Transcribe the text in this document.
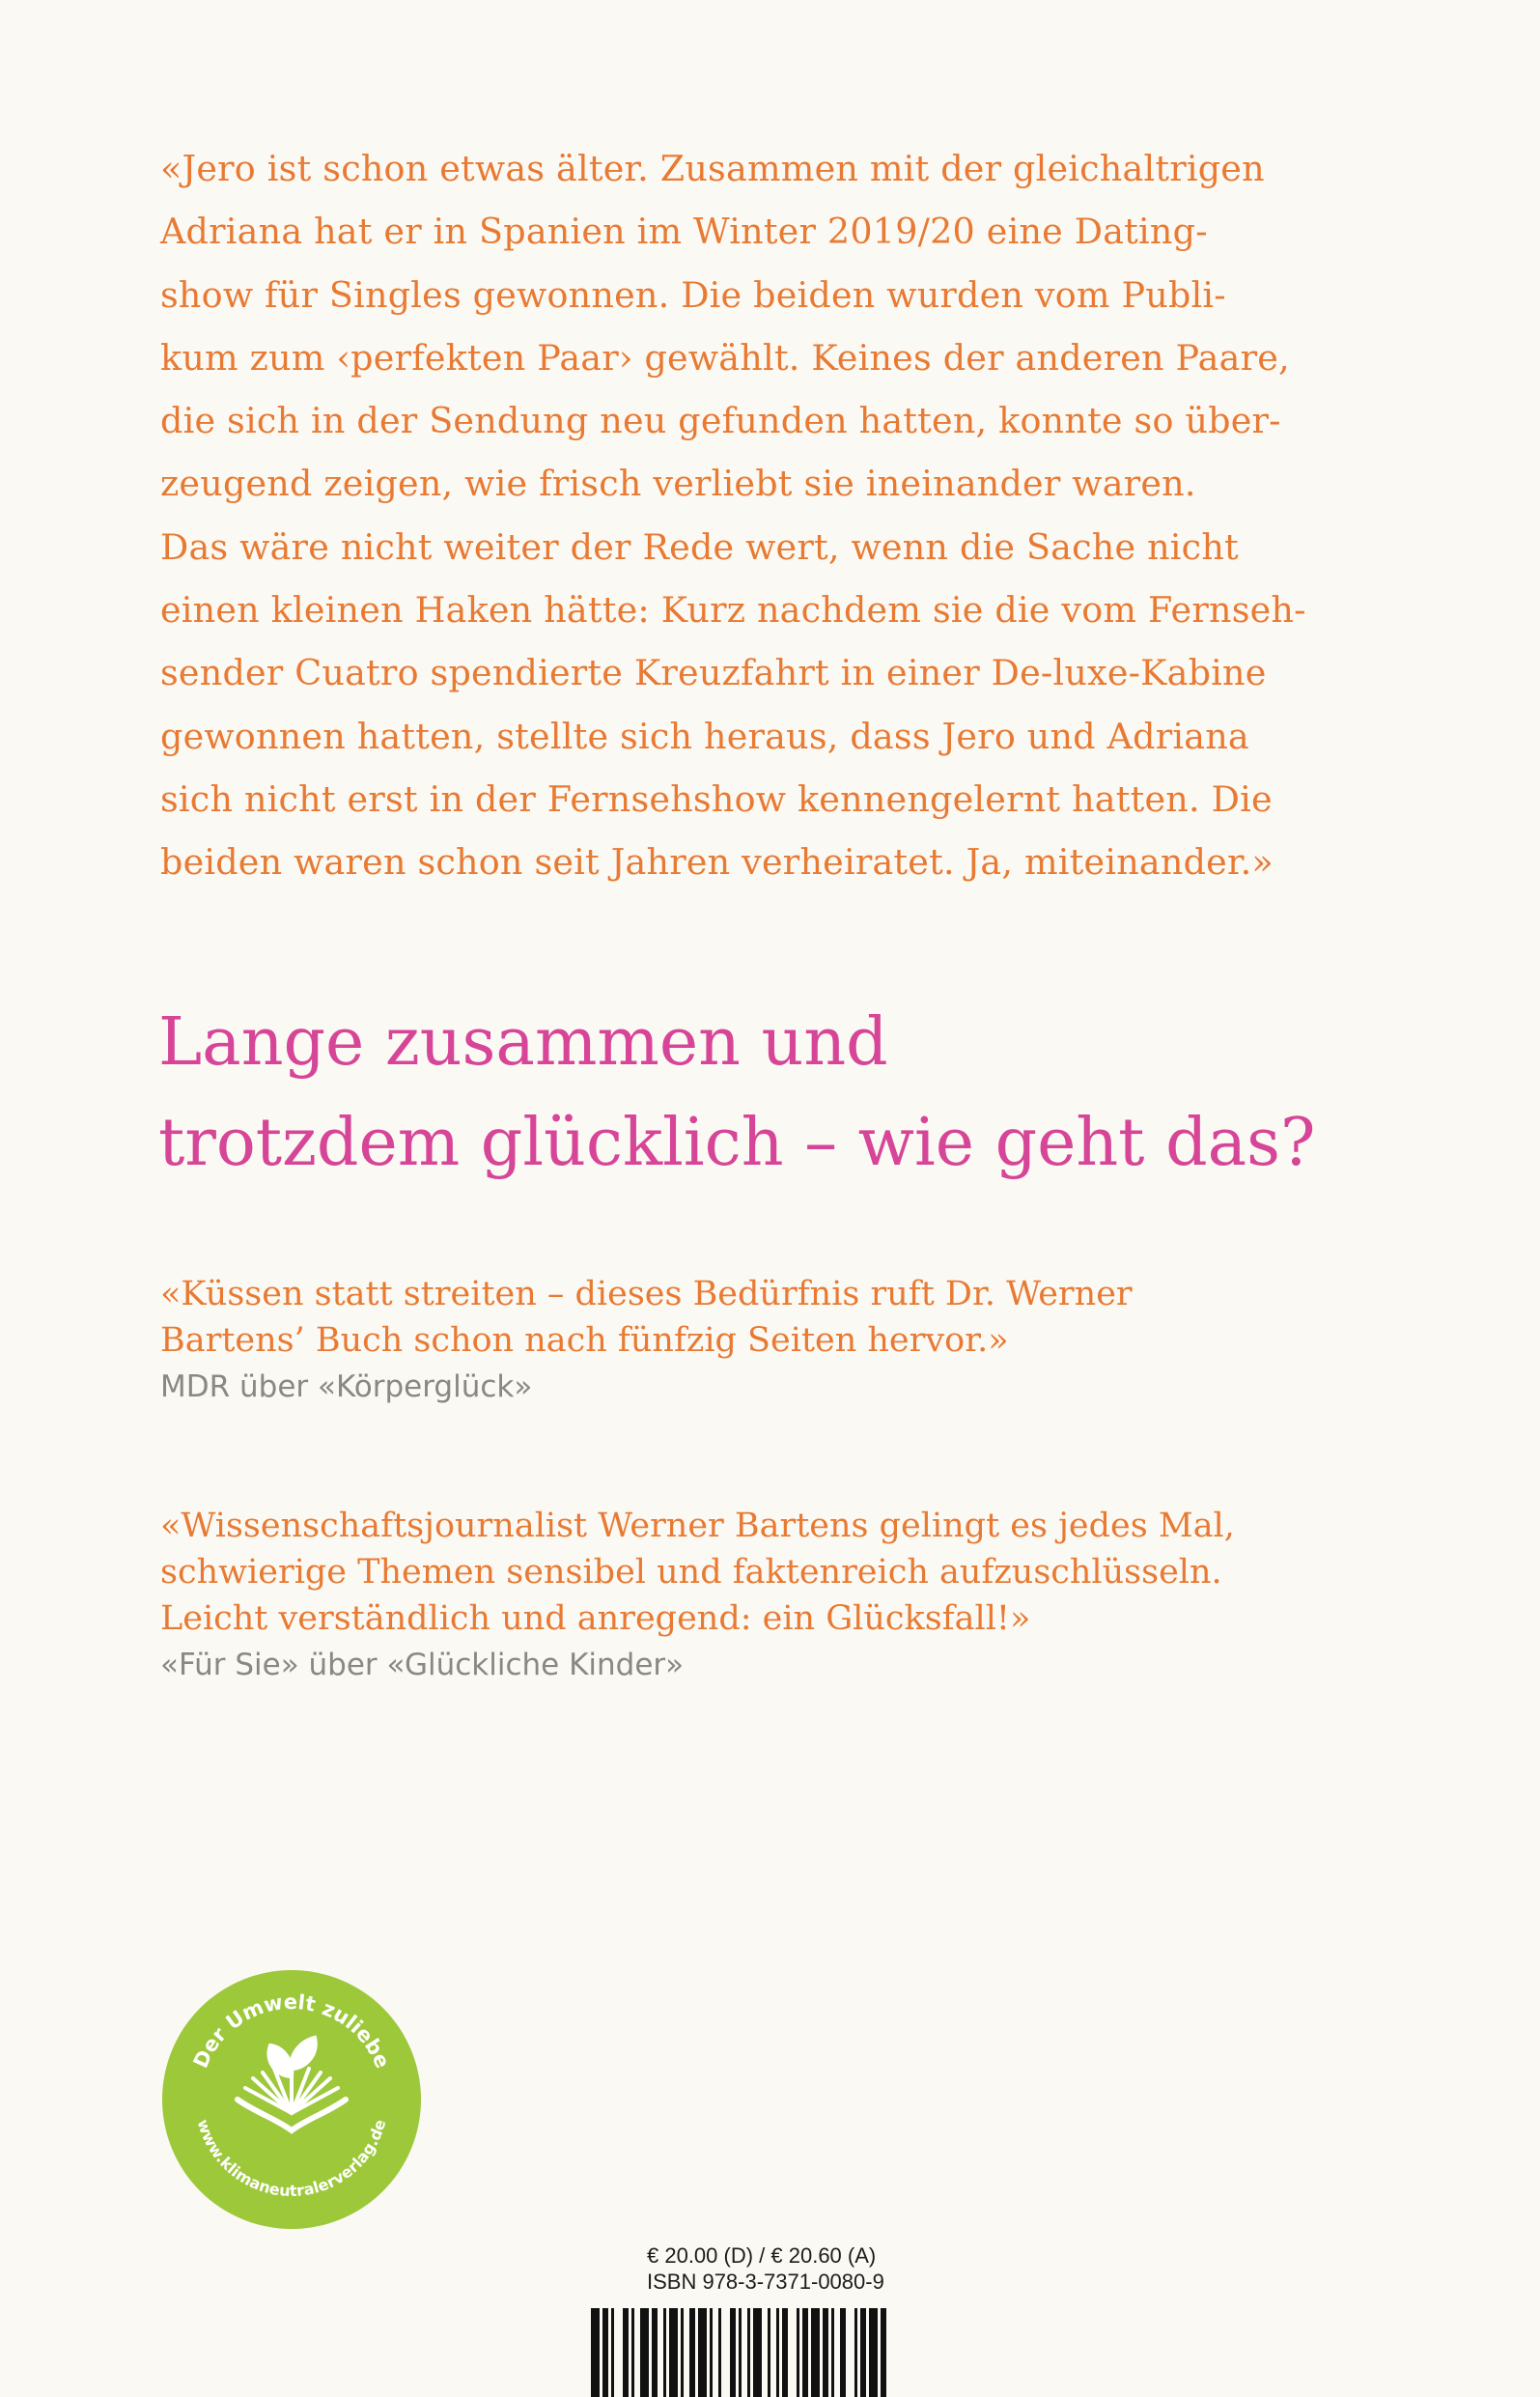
«Jero ist schon etwas älter. Zusammen mit der gleichaltrigen
Adriana hat er in Spanien im Winter 2019/20 eine Dating-
show für Singles gewonnen. Die beiden wurden vom Publi-
kum zum ‹perfekten Paar› gewählt. Keines der anderen Paare,
die sich in der Sendung neu gefunden hatten, konnte so über-
zeugend zeigen, wie frisch verliebt sie ineinander waren.
Das wäre nicht weiter der Rede wert, wenn die Sache nicht
einen kleinen Haken hätte: Kurz nachdem sie die vom Fernseh-
sender Cuatro spendierte Kreuzfahrt in einer De-luxe-Kabine
gewonnen hatten, stellte sich heraus, dass Jero und Adriana
sich nicht erst in der Fernsehshow kennengelernt hatten. Die
beiden waren schon seit Jahren verheiratet. Ja, miteinander.»

Lange zusammen und
trotzdem glücklich – wie geht das?
«Küssen statt streiten – dieses Bedürfnis ruft Dr. Werner
Bartens’ Buch schon nach fünfzig Seiten hervor.»
MDR über «Körperglück»
«Wissenschaftsjournalist Werner Bartens gelingt es jedes Mal,
schwierige Themen sensibel und faktenreich aufzuschlüsseln.
Leicht verständlich und anregend: ein Glücksfall!»
«Für Sie» über «Glückliche Kinder»
Der Umwelt zuliebe
www.klimaneutralerverlag.de
€ 20.00 (D) / € 20.60 (A)
ISBN 978-3-7371-0080-9
